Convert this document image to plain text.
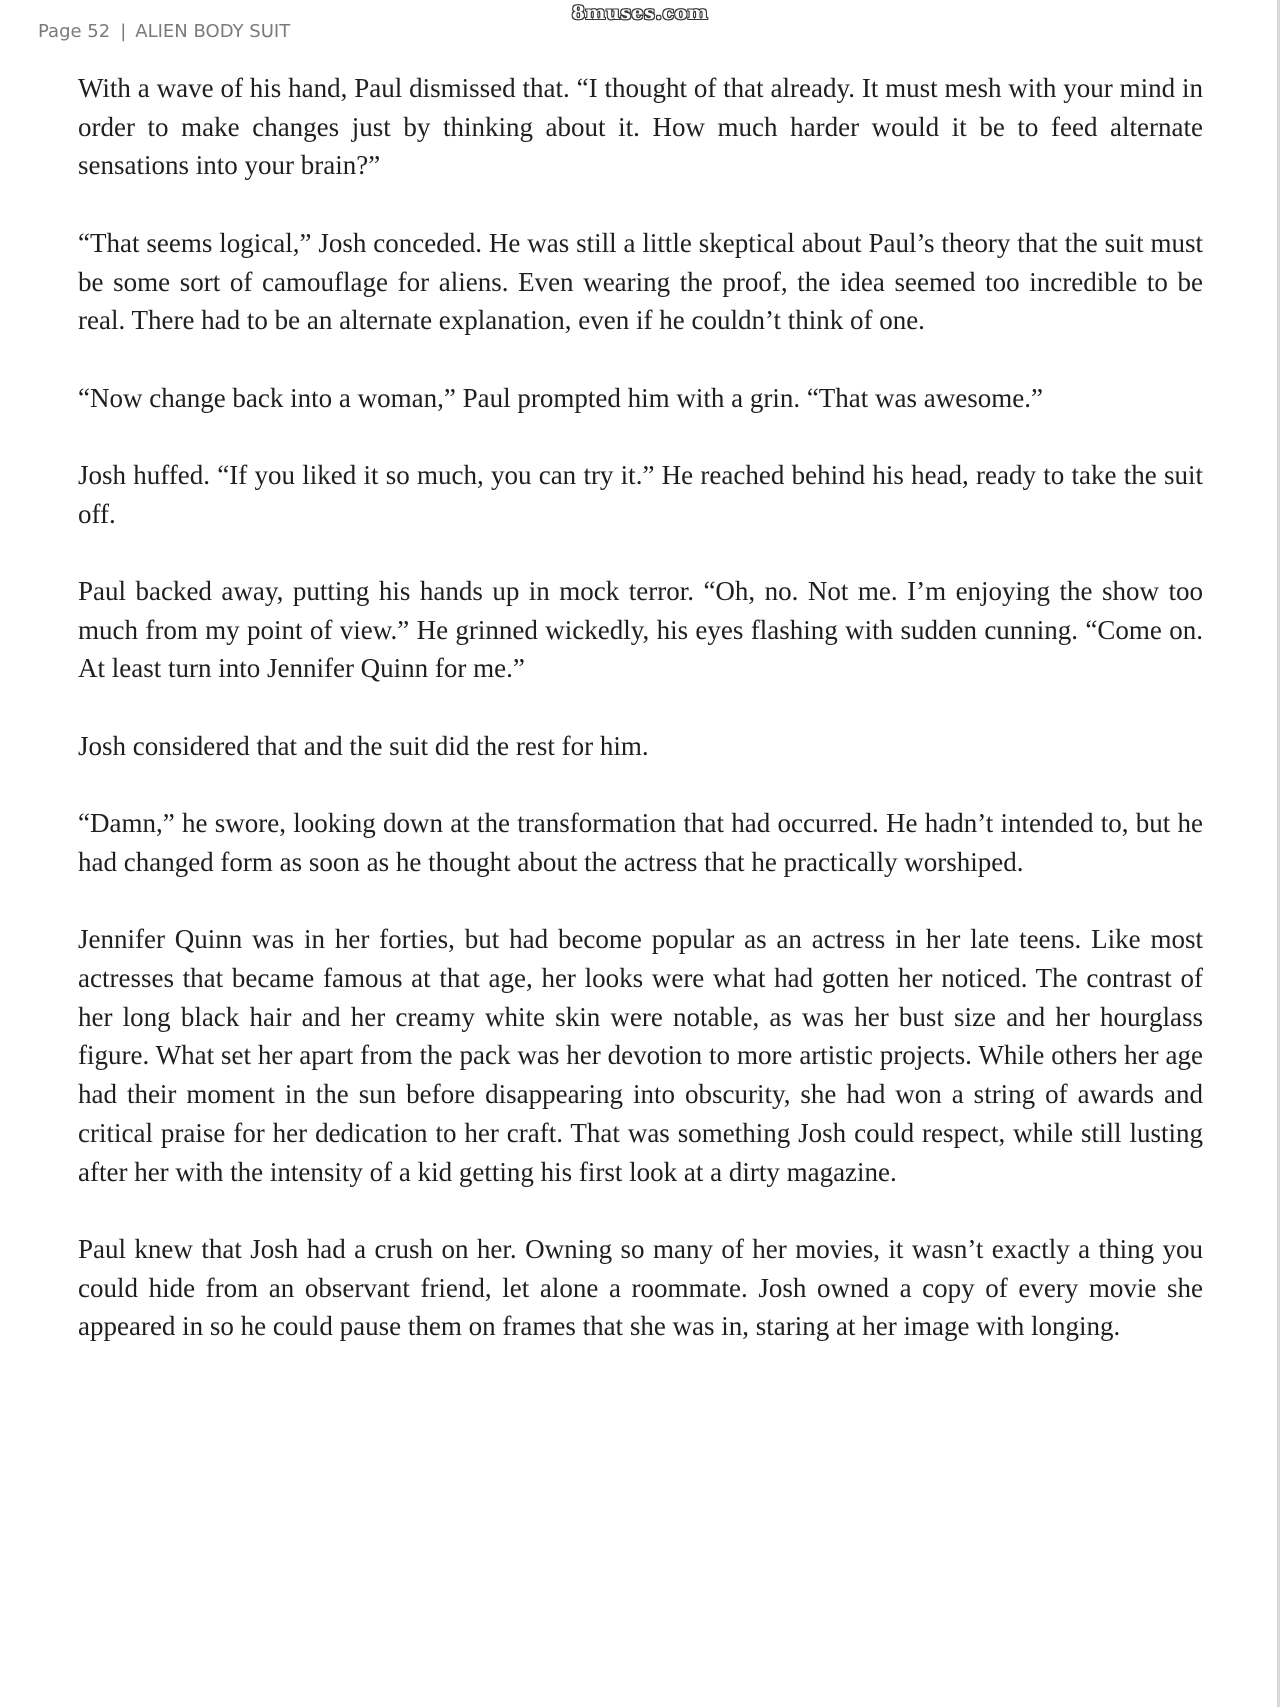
8muses.com
Page 52 | ALIEN BODY SUIT

With a wave of his hand, Paul dismissed that. “I thought of that already. It must mesh with your mind in order to make changes just by thinking about it. How much harder would it be to feed alternate sensations into your brain?”

“That seems logical,” Josh conceded. He was still a little skeptical about Paul’s theory that the suit must be some sort of camouflage for aliens. Even wearing the proof, the idea seemed too incredible to be real. There had to be an alternate explanation, even if he couldn’t think of one.

“Now change back into a woman,” Paul prompted him with a grin. “That was awesome.”

Josh huffed. “If you liked it so much, you can try it.” He reached behind his head, ready to take the suit off.

Paul backed away, putting his hands up in mock terror. “Oh, no. Not me. I’m enjoying the show too much from my point of view.” He grinned wickedly, his eyes flashing with sudden cunning. “Come on. At least turn into Jennifer Quinn for me.”

Josh considered that and the suit did the rest for him.

“Damn,” he swore, looking down at the transformation that had occurred. He hadn’t intended to, but he had changed form as soon as he thought about the actress that he practically worshiped.

Jennifer Quinn was in her forties, but had become popular as an actress in her late teens. Like most actresses that became famous at that age, her looks were what had gotten her noticed. The contrast of her long black hair and her creamy white skin were notable, as was her bust size and her hourglass figure. What set her apart from the pack was her devotion to more artistic projects. While others her age had their moment in the sun before disappearing into obscurity, she had won a string of awards and critical praise for her dedication to her craft. That was something Josh could respect, while still lusting after her with the intensity of a kid getting his first look at a dirty magazine.

Paul knew that Josh had a crush on her. Owning so many of her movies, it wasn’t exactly a thing you could hide from an observant friend, let alone a roommate. Josh owned a copy of every movie she appeared in so he could pause them on frames that she was in, staring at her image with longing.
